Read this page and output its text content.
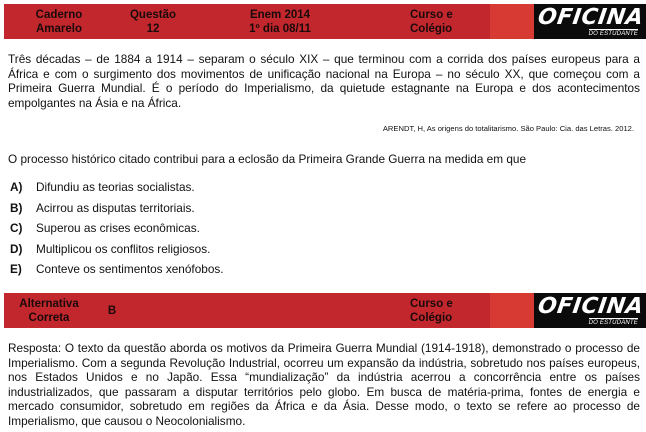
Caderno
Amarelo
Questão
12
Enem 2014
1º dia 08/11
Curso e
Colégio	OFICINA
DO ESTUDANTE
Três décadas – de 1884 a 1914 – separam o século XIX – que terminou com a corrida dos países europeus para a África e com o surgimento dos movimentos de unificação nacional na Europa – no século XX, que começou com a Primeira Guerra Mundial. É o período do Imperialismo, da quietude estagnante na Europa e dos acontecimentos empolgantes na Ásia e na África.
ARENDT, H, As origens do totalitarismo. São Paulo: Cia. das Letras. 2012.
O processo histórico citado contribui para a eclosão da Primeira Grande Guerra na medida em que
A)	Difundiu as teorias socialistas.
B)	Acirrou as disputas territoriais.
C)	Superou as crises econômicas.
D)	Multiplicou os conflitos religiosos.
E)	Conteve os sentimentos xenófobos.
Alternativa
Correta
B
Curso e
Colégio	OFICINA
DO ESTUDANTE
Resposta: O texto da questão aborda os motivos da Primeira Guerra Mundial (1914-1918), demonstrado o processo de Imperialismo. Com a segunda Revolução Industrial, ocorreu um expansão da indústria, sobretudo nos países europeus, nos Estados Unidos e no Japão. Essa “mundialização” da indústria acerrou a concorrência entre os países industrializados, que passaram a disputar territórios pelo globo. Em busca de matéria-prima, fontes de energia e mercado consumidor, sobretudo em regiões da África e da Ásia. Desse modo, o texto se refere ao processo de Imperialismo, que causou o Neocolonialismo.
